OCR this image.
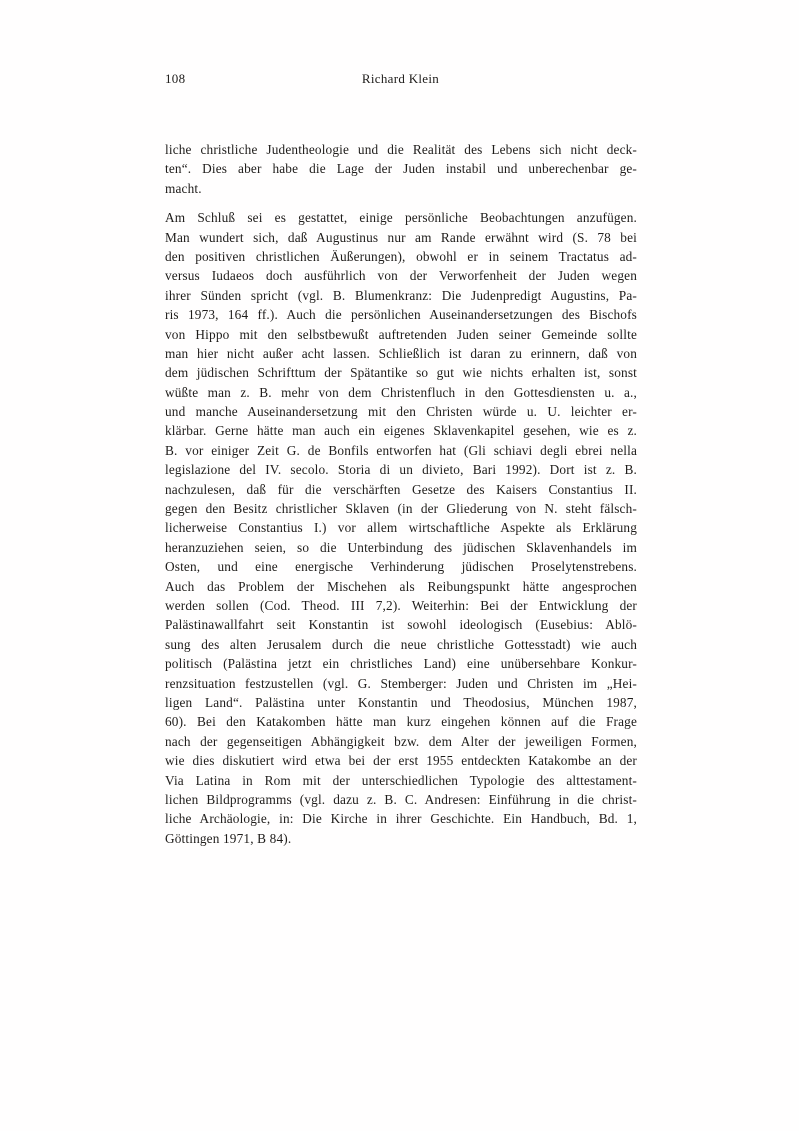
108	Richard Klein
liche christliche Judentheologie und die Realität des Lebens sich nicht deck-
ten“. Dies aber habe die Lage der Juden instabil und unberechenbar ge-
macht.
Am Schluß sei es gestattet, einige persönliche Beobachtungen anzufügen.
Man wundert sich, daß Augustinus nur am Rande erwähnt wird (S. 78 bei
den positiven christlichen Äußerungen), obwohl er in seinem Tractatus ad-
versus Iudaeos doch ausführlich von der Verworfenheit der Juden wegen
ihrer Sünden spricht (vgl. B. Blumenkranz: Die Judenpredigt Augustins, Pa-
ris 1973, 164 ff.). Auch die persönlichen Auseinandersetzungen des Bischofs
von Hippo mit den selbstbewußt auftretenden Juden seiner Gemeinde sollte
man hier nicht außer acht lassen. Schließlich ist daran zu erinnern, daß von
dem jüdischen Schrifttum der Spätantike so gut wie nichts erhalten ist, sonst
wüßte man z. B. mehr von dem Christenfluch in den Gottesdiensten u. a.,
und manche Auseinandersetzung mit den Christen würde u. U. leichter er-
klärbar. Gerne hätte man auch ein eigenes Sklavenkapitel gesehen, wie es z.
B. vor einiger Zeit G. de Bonfils entworfen hat (Gli schiavi degli ebrei nella
legislazione del IV. secolo. Storia di un divieto, Bari 1992). Dort ist z. B.
nachzulesen, daß für die verschärften Gesetze des Kaisers Constantius II.
gegen den Besitz christlicher Sklaven (in der Gliederung von N. steht fälsch-
licherweise Constantius I.) vor allem wirtschaftliche Aspekte als Erklärung
heranzuziehen seien, so die Unterbindung des jüdischen Sklavenhandels im
Osten, und eine energische Verhinderung jüdischen Proselytenstrebens.
Auch das Problem der Mischehen als Reibungspunkt hätte angesprochen
werden sollen (Cod. Theod. III 7,2). Weiterhin: Bei der Entwicklung der
Palästinawallfahrt seit Konstantin ist sowohl ideologisch (Eusebius: Ablö-
sung des alten Jerusalem durch die neue christliche Gottesstadt) wie auch
politisch (Palästina jetzt ein christliches Land) eine unübersehbare Konkur-
renzsituation festzustellen (vgl. G. Stemberger: Juden und Christen im „Hei-
ligen Land“. Palästina unter Konstantin und Theodosius, München 1987,
60). Bei den Katakomben hätte man kurz eingehen können auf die Frage
nach der gegenseitigen Abhängigkeit bzw. dem Alter der jeweiligen Formen,
wie dies diskutiert wird etwa bei der erst 1955 entdeckten Katakombe an der
Via Latina in Rom mit der unterschiedlichen Typologie des alttestament-
lichen Bildprogramms (vgl. dazu z. B. C. Andresen: Einführung in die christ-
liche Archäologie, in: Die Kirche in ihrer Geschichte. Ein Handbuch, Bd. 1,
Göttingen 1971, B 84).
